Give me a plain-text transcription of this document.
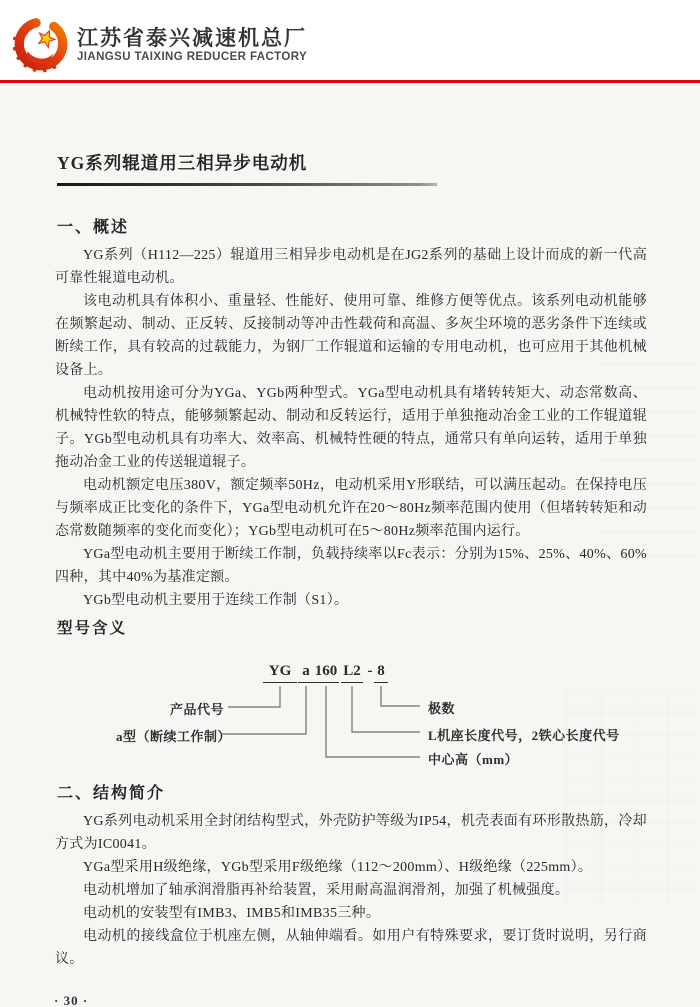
江苏省泰兴减速机总厂
JIANGSU TAIXING REDUCER FACTORY
YG系列辊道用三相异步电动机
一、概述

YG系列（H112—225）辊道用三相异步电动机是在JG2系列的基础上设计而成的新一代高可靠性辊道电动机。

该电动机具有体积小、重量轻、性能好、使用可靠、维修方便等优点。该系列电动机能够在频繁起动、制动、正反转、反接制动等冲击性载荷和高温、多灰尘环境的恶劣条件下连续或断续工作，具有较高的过载能力，为钢厂工作辊道和运输的专用电动机，也可应用于其他机械设备上。

电动机按用途可分为YGa、YGb两种型式。YGa型电动机具有堵转转矩大、动态常数高、机械特性软的特点，能够频繁起动、制动和反转运行，适用于单独拖动冶金工业的工作辊道辊子。YGb型电动机具有功率大、效率高、机械特性硬的特点，通常只有单向运转，适用于单独拖动冶金工业的传送辊道辊子。

电动机额定电压380V，额定频率50Hz，电动机采用Y形联结，可以满压起动。在保持电压与频率成正比变化的条件下，YGa型电动机允许在20～80Hz频率范围内使用（但堵转转矩和动态常数随频率的变化而变化）；YGb型电动机可在5～80Hz频率范围内运行。

YGa型电动机主要用于断续工作制，负载持续率以Fc表示：分别为15%、25%、40%、60%四种，其中40%为基准定额。

YGb型电动机主要用于连续工作制（S1）。

型号含义
YG a 160 L2 - 8
产品代号
a型（断续工作制）
极数
L机座长度代号，2铁心长度代号
中心高（mm）
二、结构简介

YG系列电动机采用全封闭结构型式，外壳防护等级为IP54，机壳表面有环形散热筋，冷却方式为IC0041。

YGa型采用H级绝缘，YGb型采用F级绝缘（112～200mm）、H级绝缘（225mm）。

电动机增加了轴承润滑脂再补给装置，采用耐高温润滑剂，加强了机械强度。

电动机的安装型有IMB3、IMB5和IMB35三种。

电动机的接线盒位于机座左侧，从轴伸端看。如用户有特殊要求，要订货时说明，另行商议。

· 30 ·
